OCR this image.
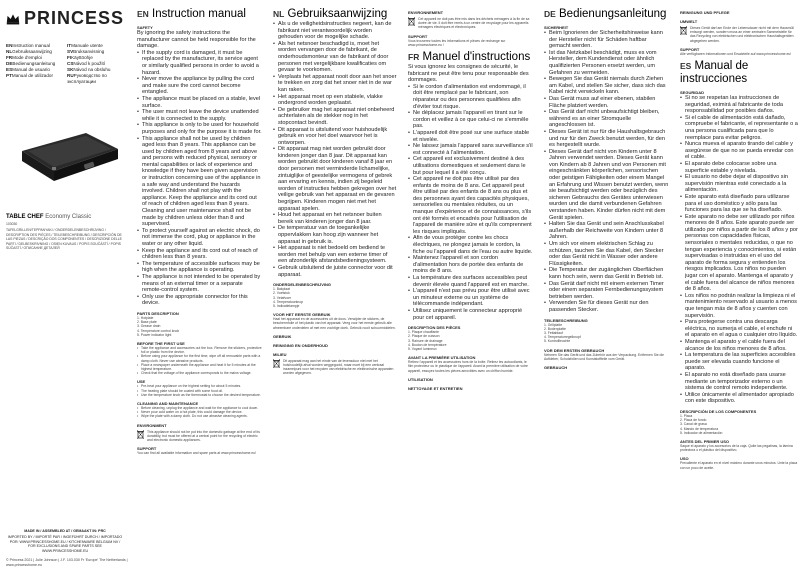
PRINCESS
ENInstruction manual	ITManuale utente
NLGebruiksaanwijzing	SVBruksanvisning
FRMode d'emploi	FIKäyttöohje
DEBedienungsanleitung	CSNávod k použití
ESManual de usuario	SKNávod na obsluhu
PTManual de utilizador	RUРуководство по эксплуатации
TABLE CHEF Economy Classic
103030
TAFELGRILLEN/TEPPANYAKI / ONDERDELENBESCHRIJVING / DESCRIPTION DES PIÈCES / TEILEBESCHREIBUNG / DESCRIPCIÓN DE LAS PIEZAS / DESCRIÇÃO DOS COMPONENTES / DESCRIZIONE DELLE PARTI / DELBESKRIVNING / OSIEN KUVAUS / POPIS SOUČÁSTÍ / POPIS SÚČASTÍ / ОПИСАНИЕ ДЕТАЛЕЙ
MADE IN / ASSEMBLED AT / GEMAAKT IN: PRC
IMPORTED BY / IMPORTÉ PAR / INGEFÜHRT DURCH / IMPORTADO POR: WWW.PRINCESSHOME.EU / KITCHENWARE BELGIUM NV / FOR EXCLUSIONS AND SPARE PARTS SEE WWW.PRINCESSHOME.EU
© Princess 2021 | Julie Johnson | J.F. 103.030 Fr 'Europe' The Netherlands | www.princesshome.eu
EN Instruction manual
SAFETY

By ignoring the safety instructions the manufacturer cannot be held responsible for the damage.

• If the supply cord is damaged, it must be replaced by the manufacturer, its service agent or similarly qualified persons in order to avoid a hazard.
• Never move the appliance by pulling the cord and make sure the cord cannot become entangled.
• The appliance must be placed on a stable, level surface.
• The user must not leave the device unattended while it is connected to the supply.
• This appliance is only to be used for household purposes and only for the purpose it is made for.
• This appliance shall not be used by children aged less than 8 years. This appliance can be used by children aged from 8 years and above and persons with reduced physical, sensory or mental capabilities or lack of experience and knowledge if they have been given supervision or instruction concerning use of the appliance in a safe way and understand the hazards involved. Children shall not play with the appliance. Keep the appliance and its cord out of reach of children aged less than 8 years. Cleaning and user maintenance shall not be made by children unless older than 8 and supervised.
• To protect yourself against an electric shock, do not immerse the cord, plug or appliance in the water or any other liquid.
• Keep the appliance and its cord out of reach of children less than 8 years.
• The temperature of accessible surfaces may be high when the appliance is operating.
• The appliance is not intended to be operated by means of an external timer or a separate remote-control system.
• Only use the appropriate connector for this device.
PARTS DESCRIPTION
1. Hotplate
2. Base plate
3. Grease drain
4. Temperature control knob
5. Power indicator light
BEFORE THE FIRST USE
• Take the appliance and accessories out the box. Remove the stickers, protective foil or plastic from the device.
• Before using your appliance for the first time, wipe off all removable parts with a damp cloth. Never use abrasive products.
• Place a newspaper underneath the appliance and heat it for 5 minutes at the highest temperature.
• Check that the voltage of the appliance corresponds to the mains voltage.
USE
• Pre-heat your appliance on the highest setting for about 5 minutes.
• The heating plate should be coated with some food oil.
• Use the temperature knob as the thermostat to choose the desired temperature.
CLEANING AND MAINTENANCE
• Before cleaning, unplug the appliance and wait for the appliance to cool down.
• Never pour cold water on a hot plate, this could damage the device.
• Wipe the plate with a damp cloth. Do not use abrasive cleaning agents.
ENVIRONMENT

This appliance should not be put into the domestic garbage at the end of its durability, but must be offered at a central point for the recycling of electric and electronic domestic appliances.

SUPPORT

You can find all available information and spare parts at www.princesshome.eu!

NL Gebruiksaanwijzing
• Als u de veiligheidsinstructies negeert, kan de fabrikant niet verantwoordelijk worden gehouden voor de mogelijke schade.
• Als het netsnoer beschadigd is, moet het worden vervangen door de fabrikant, de onderhoudsmonteur van de fabrikant of door personen met vergelijkbare kwalificaties om gevaar te voorkomen.
• Verplaats het apparaat nooit door aan het snoer te trekken en zorg dat het snoer niet in de war kan raken.
• Het apparaat moet op een stabiele, vlakke ondergrond worden geplaatst.
• De gebruiker mag het apparaat niet onbeheerd achterlaten als de stekker nog in het stopcontact bevindt.
• Dit apparaat is uitsluitend voor huishoudelijk gebruik en voor het doel waarvoor het is ontworpen.
• Dit apparaat mag niet worden gebruikt door kinderen jonger dan 8 jaar. Dit apparaat kan worden gebruikt door kinderen vanaf 8 jaar en door personen met verminderde lichamelijke, zintuiglijke of geestelijke vermogens of gebrek aan ervaring en kennis, indien zij begeleid worden of instructies hebben gekregen over het veilige gebruik van het apparaat en de gevaren begrijpen. Kinderen mogen niet met het apparaat spelen.
• Houd het apparaat en het netsnoer buiten bereik van kinderen jonger dan 8 jaar.
• De temperatuur van de toegankelijke oppervlakken kan hoog zijn wanneer het apparaat in gebruik is.
• Het apparaat is niet bedoeld om bediend te worden met behulp van een externe timer of een afzonderlijk afstandsbedieningsysteem.
• Gebruik uitsluitend de juiste connector voor dit apparaat.
ONDERDELENBESCHRIJVING
1. Bakplaat
2. Voetstuk
3. Vetafvoer
4. Temperatuurknop
5. Indicatielampje
VOOR HET EERSTE GEBRUIK

Haal het apparaat en de accessoires uit de doos. Verwijder de stickers, de beschermfolie of het plastic van het apparaat. Veeg voor het eerste gebruik alle afneembare onderdelen af met een vochtige doek. Gebruik nooit schuurmiddelen.

GEBRUIK
REINIGING EN ONDERHOUD
MILIEU

Dit apparaat mag aan het einde van de levensduur niet met het huishoudelijk afval worden weggegooid, maar moet bij een centraal inzamelpunt voor het recyclen van elektrische en elektronische apparaten worden afgegeven.

ENVIRONNEMENT

Cet appareil ne doit pas être mis dans les déchets ménagers à la fin de sa durée de vie. Il doit être remis à un centre de recyclage pour les appareils ménagers électriques et électroniques.

SUPPORT

Vous trouverez toutes les informations et pièces de rechange sur www.princesshome.eu !

FR Manuel d'instructions

Si vous ignorez les consignes de sécurité, le fabricant ne peut être tenu pour responsable des dommages.

• Si le cordon d'alimentation est endommagé, il doit être remplacé par le fabricant, son réparateur ou des personnes qualifiées afin d'éviter tout risque.
• Ne déplacez jamais l'appareil en tirant sur le cordon et veillez à ce que celui-ci ne s'emmêle pas.
• L'appareil doit être posé sur une surface stable et nivelée.
• Ne laissez jamais l'appareil sans surveillance s'il est connecté à l'alimentation.
• Cet appareil est exclusivement destiné à des utilisations domestiques et seulement dans le but pour lequel il a été conçu.
• Cet appareil ne doit pas être utilisé par des enfants de moins de 8 ans. Cet appareil peut être utilisé par des enfants de 8 ans ou plus et des personnes ayant des capacités physiques, sensorielles ou mentales réduites, ou un manque d'expérience et de connaissances, s'ils ont été formés et encadrés pour l'utilisation de l'appareil de manière sûre et qu'ils comprennent les risques impliqués.
• Afin de vous protéger contre les chocs électriques, ne plongez jamais le cordon, la fiche ou l'appareil dans de l'eau ou autre liquide.
• Maintenez l'appareil et son cordon d'alimentation hors de portée des enfants de moins de 8 ans.
• La température des surfaces accessibles peut devenir élevée quand l'appareil est en marche.
• L'appareil n'est pas prévu pour être utilisé avec un minuteur externe ou un système de télécommande indépendant.
• Utilisez uniquement le connecteur approprié pour cet appareil.
DESCRIPTION DES PIÈCES
1. Plaque chauffante
2. Plaque de cuisson
3. Rainure de drainage
4. Bouton de température
5. Voyant lumineux
AVANT LA PREMIÈRE UTILISATION

Retirez l'appareil et les accessoires hors de la boîte. Retirez les autocollants, le film protecteur ou le plastique de l'appareil. Avant la première utilisation de votre appareil, essuyez toutes les pièces amovibles avec un chiffon humide.

UTILISATION
NETTOYAGE ET ENTRETIEN
DE Bedienungsanleitung
SICHERHEIT
• Beim Ignorieren der Sicherheitshinweise kann der Hersteller nicht für Schäden haftbar gemacht werden.
• Ist das Netzkabel beschädigt, muss es vom Hersteller, dem Kundendienst oder ähnlich qualifizierten Personen ersetzt werden, um Gefahren zu vermeiden.
• Bewegen Sie das Gerät niemals durch Ziehen am Kabel, und stellen Sie sicher, dass sich das Kabel nicht verwickeln kann.
• Das Gerät muss auf einer ebenen, stabilen Fläche platziert werden.
• Das Gerät darf nicht unbeaufsichtigt bleiben, während es an einer Stromquelle angeschlossen ist.
• Dieses Gerät ist nur für die Haushaltsgebrauch und nur für den Zweck benutzt werden, für den es hergestellt wurde.
• Dieses Gerät darf nicht von Kindern unter 8 Jahren verwendet werden. Dieses Gerät kann von Kindern ab 8 Jahren und von Personen mit eingeschränkten körperlichen, sensorischen oder geistigen Fähigkeiten oder einem Mangel an Erfahrung und Wissen benutzt werden, wenn sie beaufsichtigt werden oder bezüglich des sicheren Gebrauchs des Gerätes unterwiesen wurden und die damit verbundenen Gefahren verstanden haben. Kinder dürfen nicht mit dem Gerät spielen.
• Halten Sie das Gerät und sein Anschlusskabel außerhalb der Reichweite von Kindern unter 8 Jahren.
• Um sich vor einem elektrischen Schlag zu schützen, tauchen Sie das Kabel, den Stecker oder das Gerät nicht in Wasser oder andere Flüssigkeiten.
• Die Temperatur der zugänglichen Oberflächen kann hoch sein, wenn das Gerät in Betrieb ist.
• Das Gerät darf nicht mit einem externen Timer oder einem separaten Fernbedienungssystem betrieben werden.
• Verwenden Sie für dieses Gerät nur den passenden Stecker.
TEILEBESCHREIBUNG
1. Grillplatte
2. Bodenplatte
3. Fettablauf
4. Temperaturregelknopf
5. Kontrollleuchte
VOR DEM ERSTEN GEBRAUCH

Nehmen Sie das Gerät und das Zubehör aus der Verpackung. Entfernen Sie die Aufkleber, Schutzfolien und Kunststoffteile vom Gerät.

GEBRAUCH
REINIGUNG UND PFLEGE
UMWELT

Dieses Gerät darf am Ende der Lebensdauer nicht mit dem Hausmüll entsorgt werden, sondern muss an einer zentralen Sammelstelle für das Recycling von elektrischen und elektronischen Haushaltsgeräten abgegeben werden.

SUPPORT

Alle verfügbaren Informationen und Ersatzteile auf www.princesshome.eu!

ES Manual de instrucciones
SEGURIDAD
• Si no se respetan las instrucciones de seguridad, eximirá al fabricante de toda responsabilidad por posibles daños.
• Si el cable de alimentación está dañado, compruebe el fabricante, el representante o a una persona cualificada para que lo reemplace para evitar peligros.
• Nunca mueva el aparato tirando del cable y asegúrese de que no se pueda enredar con el cable.
• El aparato debe colocarse sobre una superficie estable y nivelada.
• El usuario no debe dejar el dispositivo sin supervisión mientras esté conectado a la alimentación.
• Este aparato está diseñado para utilizarse para el uso doméstico y sólo para las funciones para las que se ha diseñado.
• Este aparato no debe ser utilizado por niños menores de 8 años. Este aparato puede ser utilizado por niños a partir de los 8 años y por personas con capacidades físicas, sensoriales o mentales reducidas, o que no tengan experiencia y conocimientos, si están supervisadas o instruidas en el uso del aparato de forma segura y entienden los riesgos implicados. Los niños no pueden jugar con el aparato. Mantenga el aparato y el cable fuera del alcance de niños menores de 8 años.
• Los niños no podrán realizar la limpieza ni el mantenimiento reservado al usuario a menos que tengan más de 8 años y cuenten con supervisión.
• Para protegerse contra una descarga eléctrica, no sumerja el cable, el enchufe ni el aparato en el agua o cualquier otro líquido.
• Mantenga el aparato y el cable fuera del alcance de los niños menores de 8 años.
• La temperatura de las superficies accesibles puede ser elevada cuando funcione el aparato.
• El aparato no está diseñado para usarse mediante un temporizador externo o un sistema de control remoto independiente.
• Utilice únicamente el alimentador apropiado con este dispositivo.
DESCRIPCIÓN DE LOS COMPONENTES
1. Placa
2. Placa de fondo
3. Canal de grasa
4. Mando de temperatura
5. Indicador de alimentación
ANTES DEL PRIMER USO

Saque el aparato y los accesorios de la caja. Quite las pegatinas, la lámina protectora o el plástico del dispositivo.

USO

Precaliente el aparato en el nivel máximo durante unos minutos. Unte la placa con un poco de aceite.
